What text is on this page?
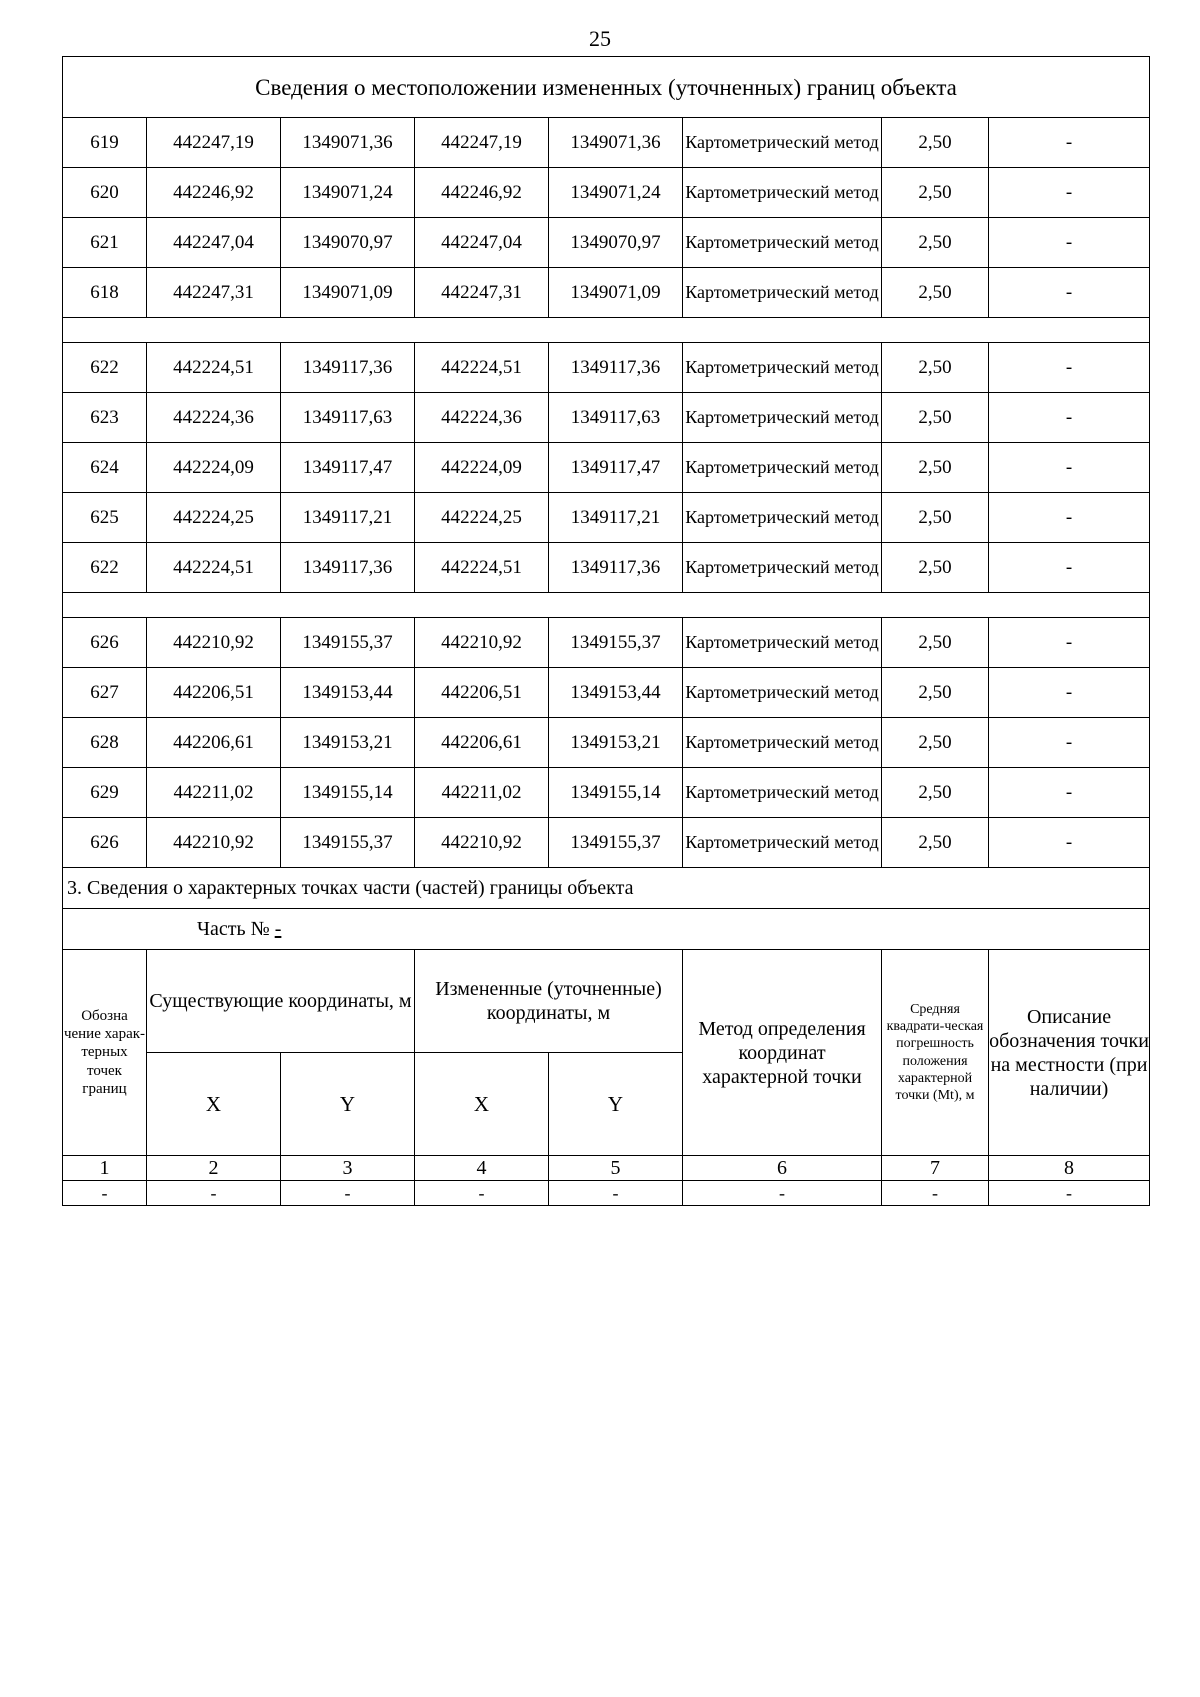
25
Сведения о местоположении измененных (уточненных) границ объекта							
619	442247,19	1349071,36	442247,19	1349071,36	Картометрический метод	2,50	-
620	442246,92	1349071,24	442246,92	1349071,24	Картометрический метод	2,50	-
621	442247,04	1349070,97	442247,04	1349070,97	Картометрический метод	2,50	-
618	442247,31	1349071,09	442247,31	1349071,09	Картометрический метод	2,50	-

622	442224,51	1349117,36	442224,51	1349117,36	Картометрический метод	2,50	-
623	442224,36	1349117,63	442224,36	1349117,63	Картометрический метод	2,50	-
624	442224,09	1349117,47	442224,09	1349117,47	Картометрический метод	2,50	-
625	442224,25	1349117,21	442224,25	1349117,21	Картометрический метод	2,50	-
622	442224,51	1349117,36	442224,51	1349117,36	Картометрический метод	2,50	-

626	442210,92	1349155,37	442210,92	1349155,37	Картометрический метод	2,50	-
627	442206,51	1349153,44	442206,51	1349153,44	Картометрический метод	2,50	-
628	442206,61	1349153,21	442206,61	1349153,21	Картометрический метод	2,50	-
629	442211,02	1349155,14	442211,02	1349155,14	Картометрический метод	2,50	-
626	442210,92	1349155,37	442210,92	1349155,37	Картометрический метод	2,50	-
3. Сведения о характерных точках части (частей) границы объекта							
Часть № -							
Обозна чение харак-терных точек границ	Существующие координаты, м		Измененные (уточненные) координаты, м		Метод определения координат характерной точки	Средняя квадрати-ческая погрешность положения характерной точки (Mt), м	Описание обозначения точки на местности (при наличии)
	X	Y	X	Y			
1	2	3	4	5	6	7	8
-	-	-	-	-	-	-	-
